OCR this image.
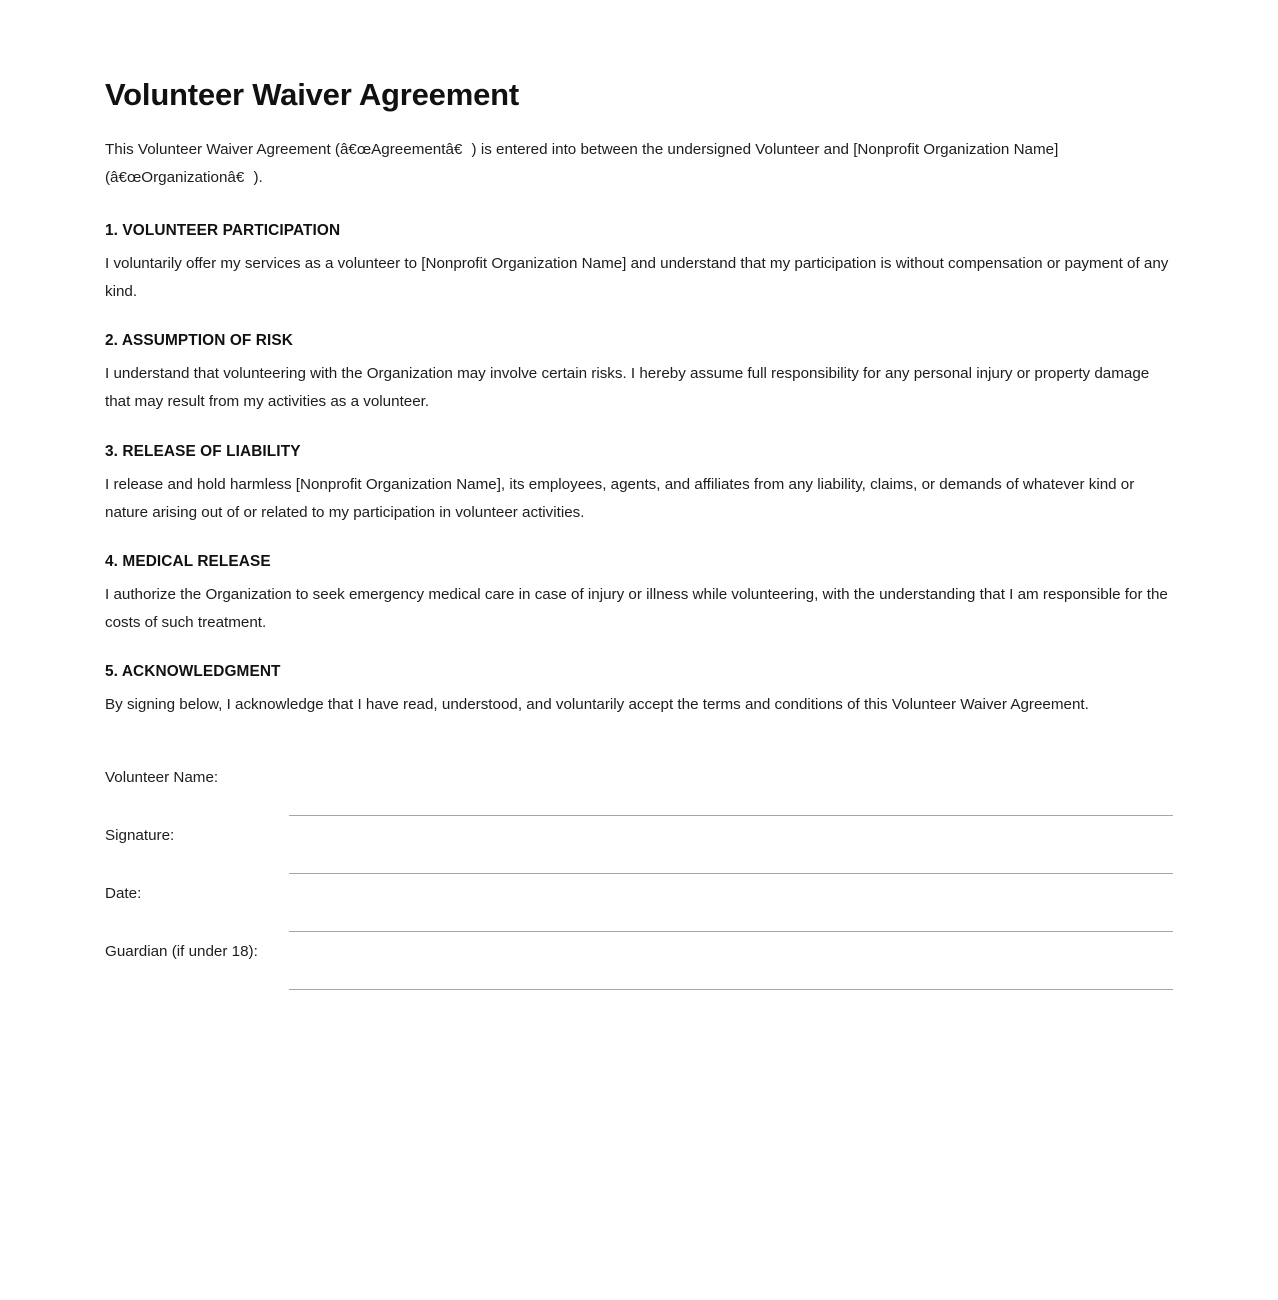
Volunteer Waiver Agreement

This Volunteer Waiver Agreement (â€œAgreementâ€) is entered into between the undersigned Volunteer and [Nonprofit Organization Name] (â€œOrganizationâ€).

1. VOLUNTEER PARTICIPATION

I voluntarily offer my services as a volunteer to [Nonprofit Organization Name] and understand that my participation is without compensation or payment of any kind.

2. ASSUMPTION OF RISK

I understand that volunteering with the Organization may involve certain risks. I hereby assume full responsibility for any personal injury or property damage that may result from my activities as a volunteer.

3. RELEASE OF LIABILITY

I release and hold harmless [Nonprofit Organization Name], its employees, agents, and affiliates from any liability, claims, or demands of whatever kind or nature arising out of or related to my participation in volunteer activities.

4. MEDICAL RELEASE

I authorize the Organization to seek emergency medical care in case of injury or illness while volunteering, with the understanding that I am responsible for the costs of such treatment.

5. ACKNOWLEDGMENT

By signing below, I acknowledge that I have read, understood, and voluntarily accept the terms and conditions of this Volunteer Waiver Agreement.

Volunteer Name:		

Signature:		

Date:		

Guardian (if under 18):		
